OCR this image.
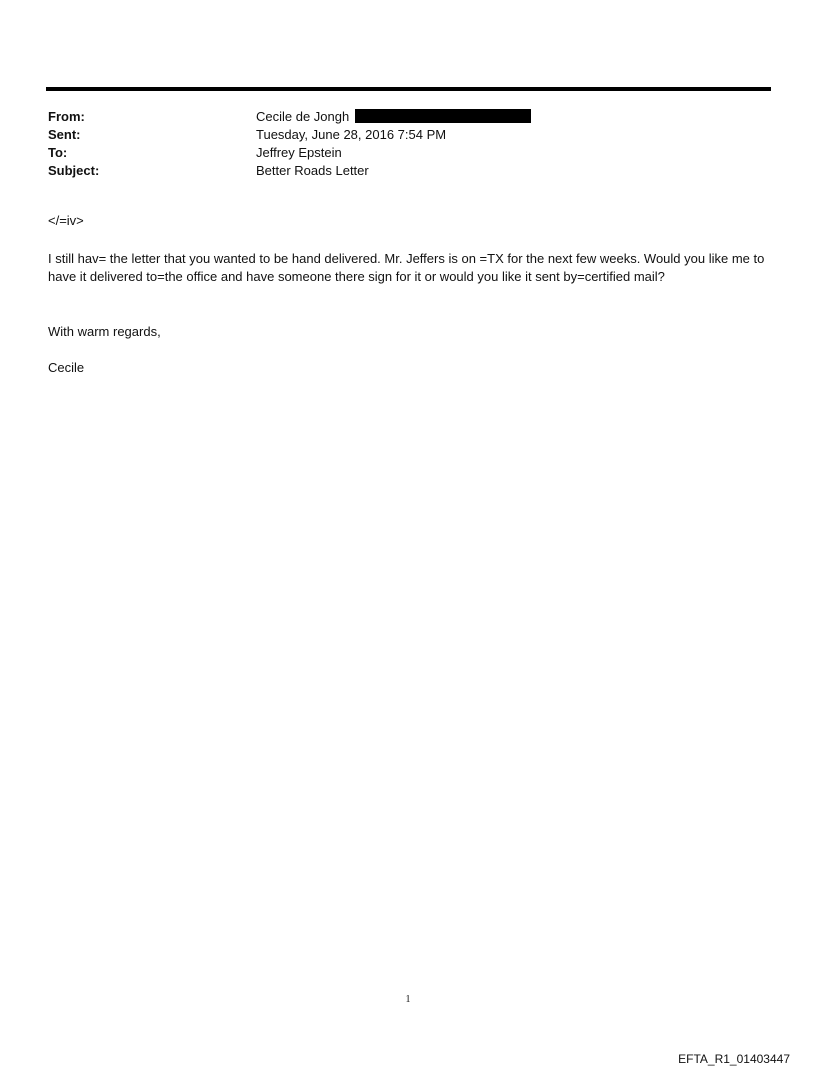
From:	Cecile de Jongh
Sent:	Tuesday, June 28, 2016 7:54 PM
To:	Jeffrey Epstein
Subject:	Better Roads Letter
</=iv>
I still hav= the letter that you wanted to be hand delivered. Mr. Jeffers is on =TX for the next few weeks. Would you like me to have it delivered to=the office and have someone there sign for it or would you like it sent by=certified mail?
With warm regards,
Cecile
1
EFTA_R1_01403447
